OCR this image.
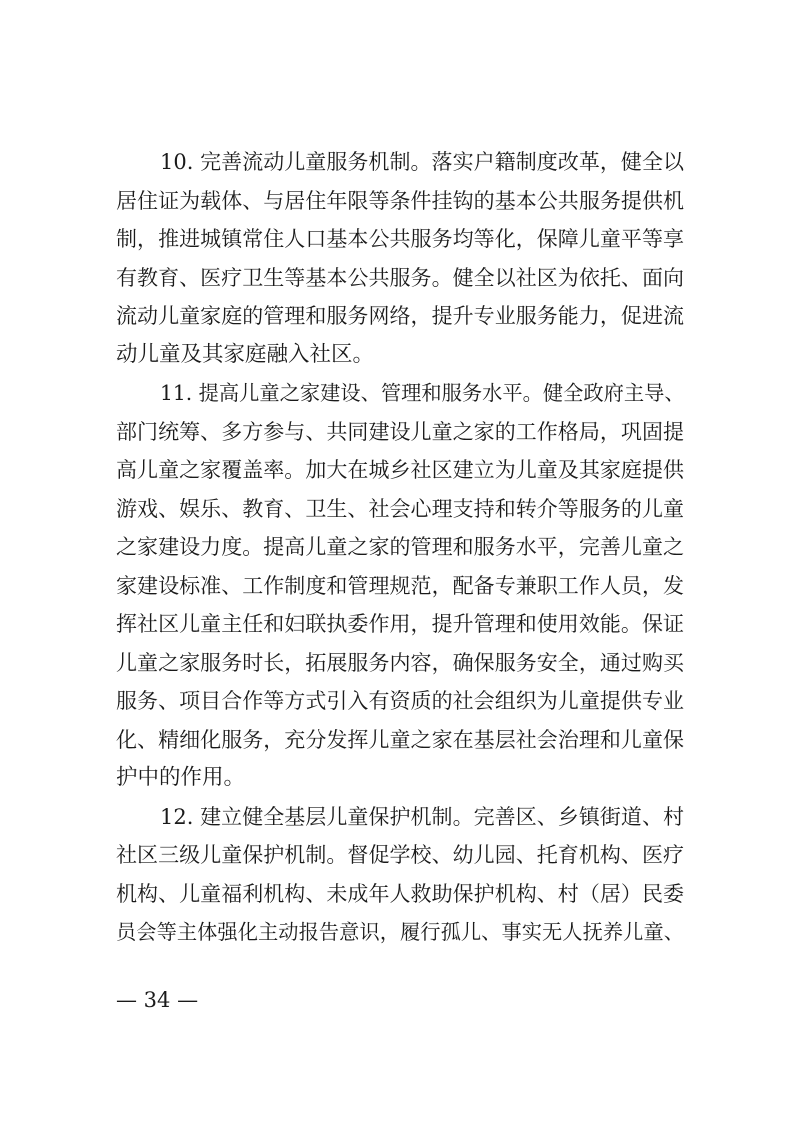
10. 完善流动儿童服务机制。落实户籍制度改革，健全以
居住证为载体、与居住年限等条件挂钩的基本公共服务提供机
制，推进城镇常住人口基本公共服务均等化，保障儿童平等享
有教育、医疗卫生等基本公共服务。健全以社区为依托、面向
流动儿童家庭的管理和服务网络，提升专业服务能力，促进流
动儿童及其家庭融入社区。
11. 提高儿童之家建设、管理和服务水平。健全政府主导、
部门统筹、多方参与、共同建设儿童之家的工作格局，巩固提
高儿童之家覆盖率。加大在城乡社区建立为儿童及其家庭提供
游戏、娱乐、教育、卫生、社会心理支持和转介等服务的儿童
之家建设力度。提高儿童之家的管理和服务水平，完善儿童之
家建设标准、工作制度和管理规范，配备专兼职工作人员，发
挥社区儿童主任和妇联执委作用，提升管理和使用效能。保证
儿童之家服务时长，拓展服务内容，确保服务安全，通过购买
服务、项目合作等方式引入有资质的社会组织为儿童提供专业
化、精细化服务，充分发挥儿童之家在基层社会治理和儿童保
护中的作用。
12. 建立健全基层儿童保护机制。完善区、乡镇街道、村
社区三级儿童保护机制。督促学校、幼儿园、托育机构、医疗
机构、儿童福利机构、未成年人救助保护机构、村（居）民委
员会等主体强化主动报告意识，履行孤儿、事实无人抚养儿童、
— 34 —
